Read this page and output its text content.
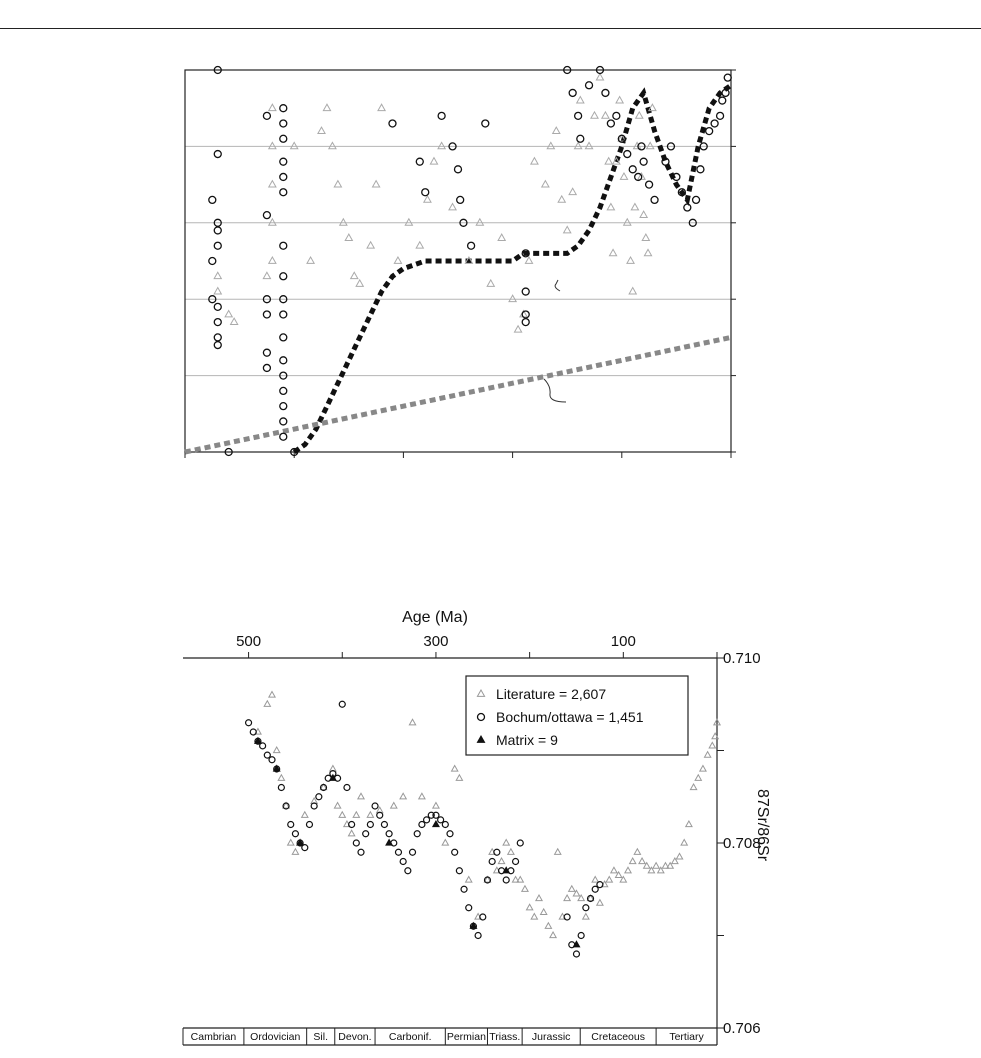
Age (Ma)
500	300	100
0.706
0.708
0.710
87Sr/86Sr
Cambrian Ordovician Sil. Devon. Carbonif. Permian Triass. Jurassic Cretaceous Tertiary
Literature = 2,607
Bochum/ottawa = 1,451
Matrix = 9
